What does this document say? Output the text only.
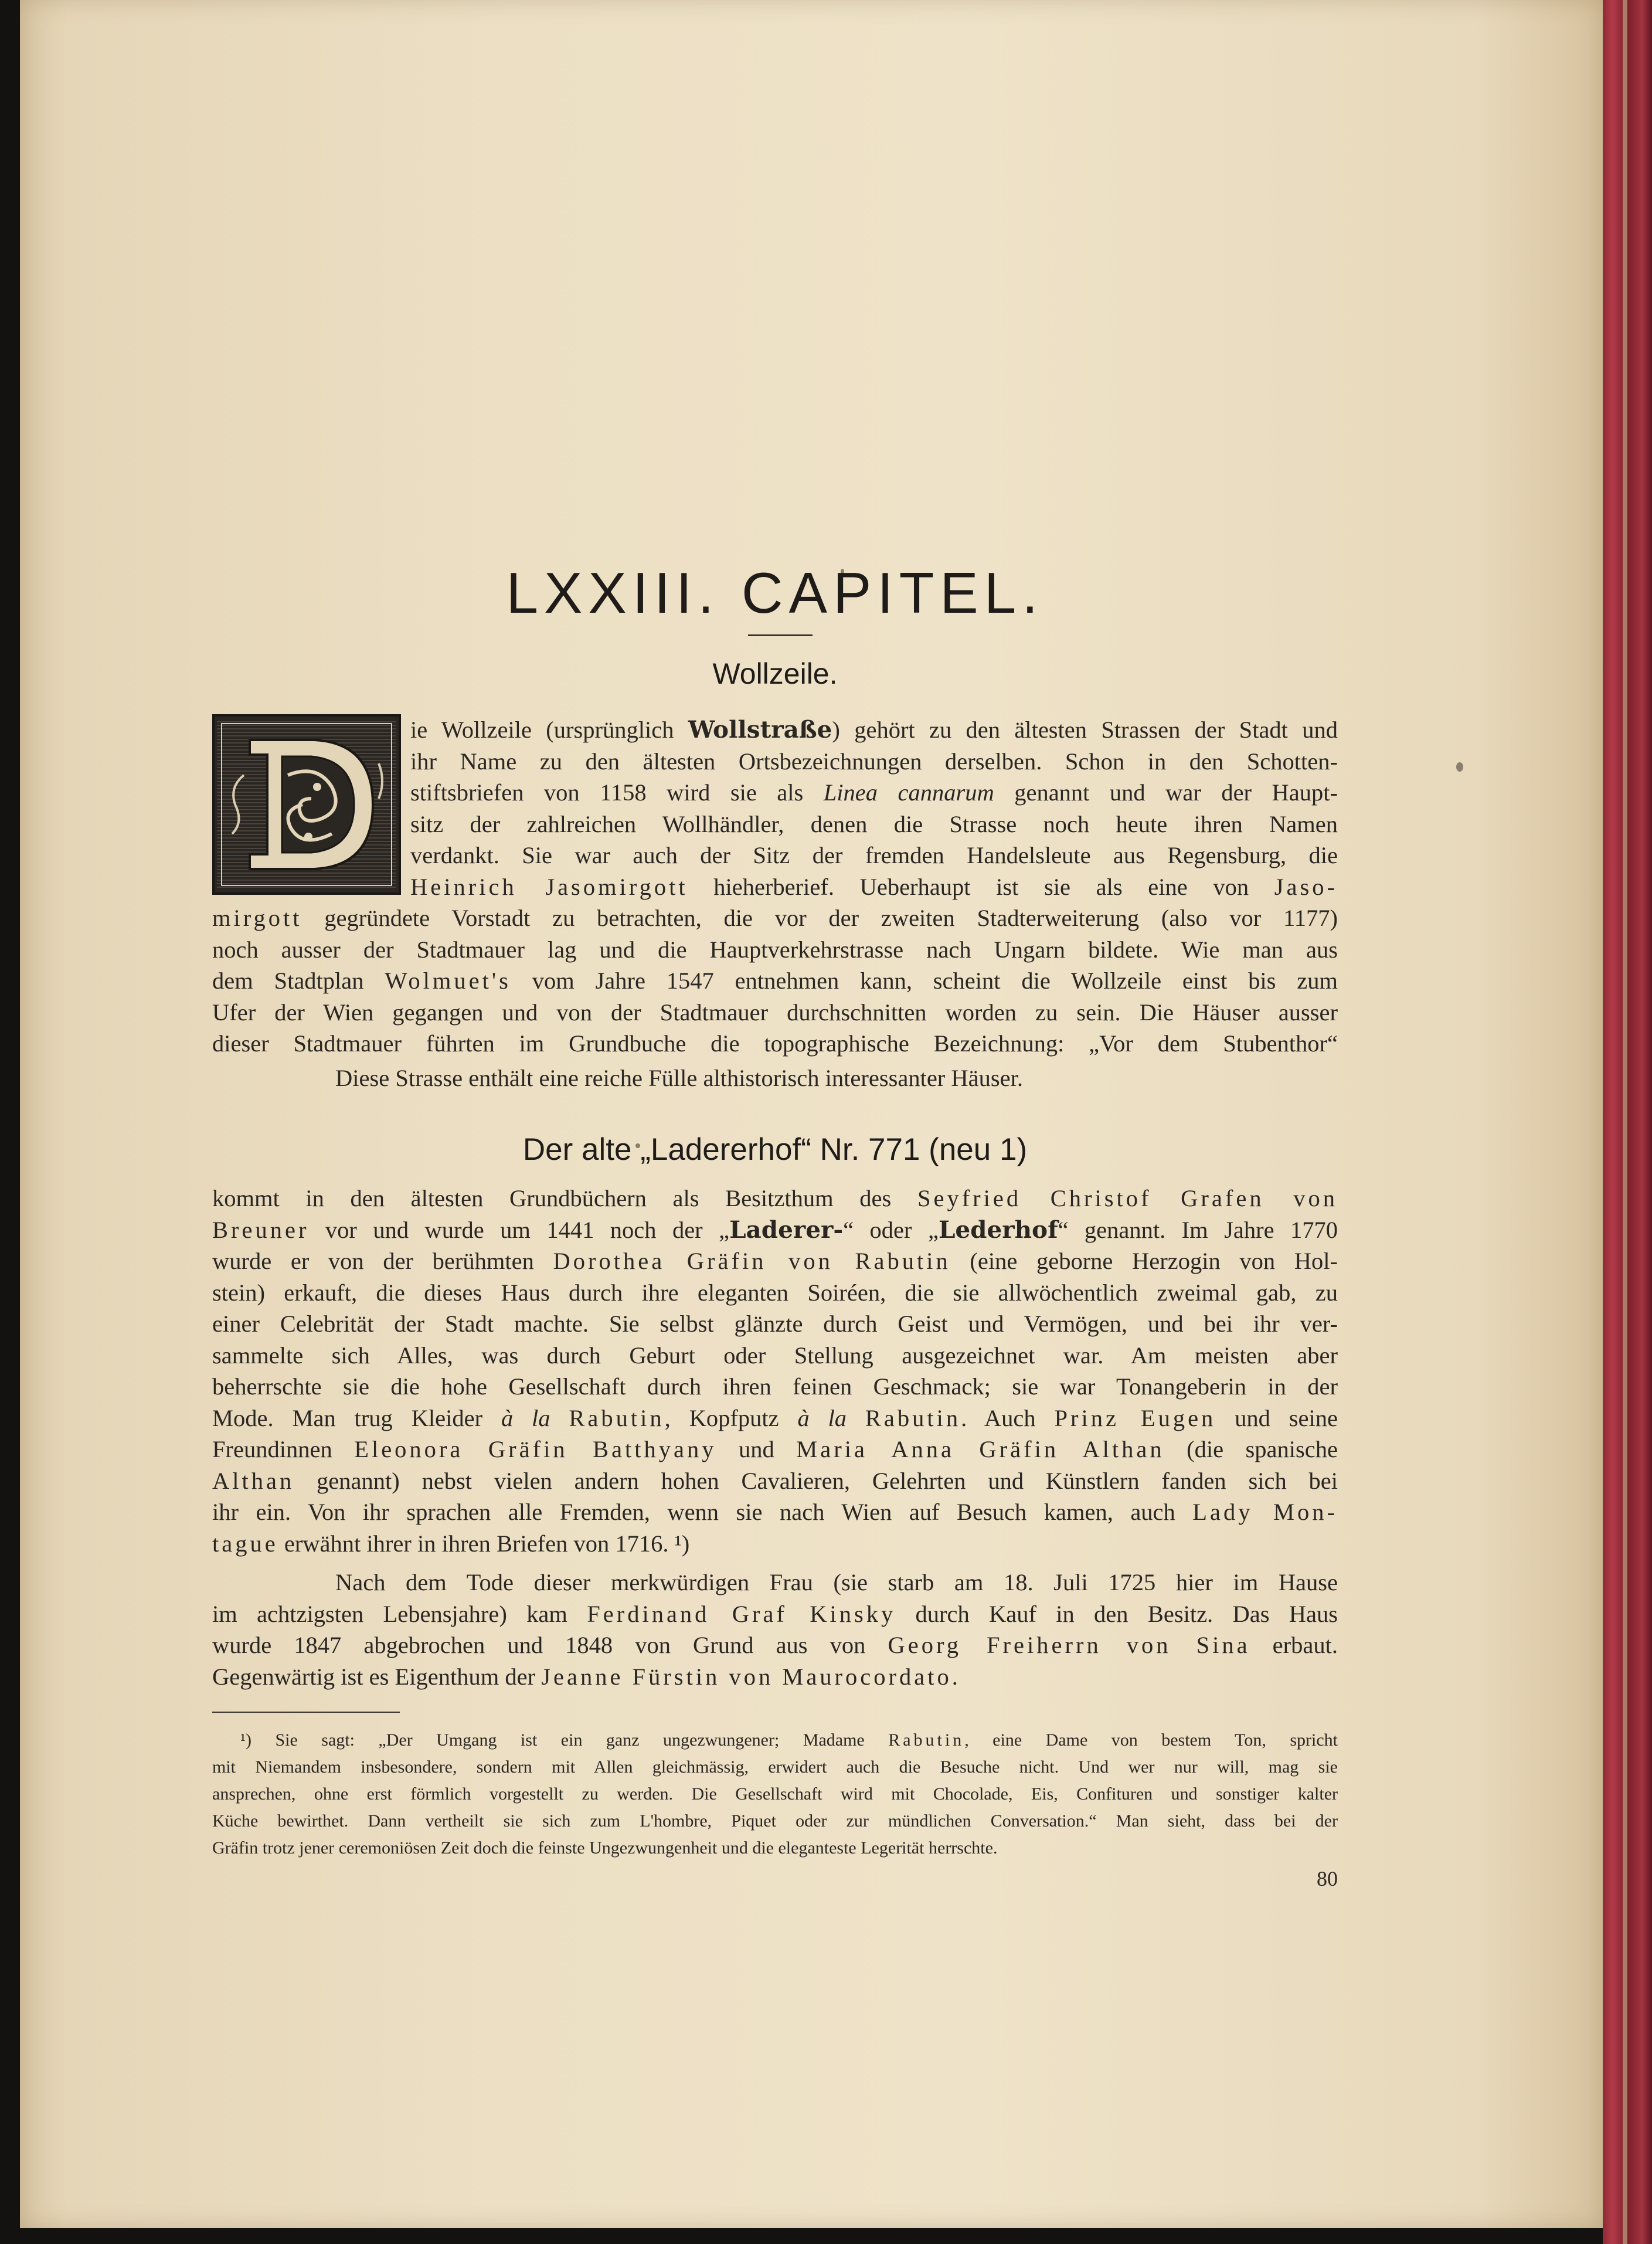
LXXIII. CAPITEL.
Wollzeile.
ie Wollzeile (ursprünglich Wollstraße) gehört zu den ältesten Strassen der Stadt und
ihr Name zu den ältesten Ortsbezeichnungen derselben. Schon in den Schotten-
stiftsbriefen von 1158 wird sie als Linea cannarum genannt und war der Haupt-
sitz der zahlreichen Wollhändler, denen die Strasse noch heute ihren Namen
verdankt. Sie war auch der Sitz der fremden Handelsleute aus Regensburg, die
Heinrich Jasomirgott hieherberief. Ueberhaupt ist sie als eine von Jaso-
mirgott gegründete Vorstadt zu betrachten, die vor der zweiten Stadterweiterung (also vor 1177)
noch ausser der Stadtmauer lag und die Hauptverkehrstrasse nach Ungarn bildete. Wie man aus
dem Stadtplan Wolmuet's vom Jahre 1547 entnehmen kann, scheint die Wollzeile einst bis zum
Ufer der Wien gegangen und von der Stadtmauer durchschnitten worden zu sein. Die Häuser ausser
dieser Stadtmauer führten im Grundbuche die topographische Bezeichnung: „Vor dem Stubenthor“
Diese Strasse enthält eine reiche Fülle althistorisch interessanter Häuser.
Der alte „Ladererhof“ Nr. 771 (neu 1)
kommt in den ältesten Grundbüchern als Besitzthum des Seyfried Christof Grafen von
Breuner vor und wurde um 1441 noch der „Laderer-“ oder „Lederhof“ genannt. Im Jahre 1770
wurde er von der berühmten Dorothea Gräfin von Rabutin (eine geborne Herzogin von Hol-
stein) erkauft, die dieses Haus durch ihre eleganten Soiréen, die sie allwöchentlich zweimal gab, zu
einer Celebrität der Stadt machte. Sie selbst glänzte durch Geist und Vermögen, und bei ihr ver-
sammelte sich Alles, was durch Geburt oder Stellung ausgezeichnet war. Am meisten aber
beherrschte sie die hohe Gesellschaft durch ihren feinen Geschmack; sie war Tonangeberin in der
Mode. Man trug Kleider à la Rabutin, Kopfputz à la Rabutin. Auch Prinz Eugen und seine
Freundinnen Eleonora Gräfin Batthyany und Maria Anna Gräfin Althan (die spanische
Althan genannt) nebst vielen andern hohen Cavalieren, Gelehrten und Künstlern fanden sich bei
ihr ein. Von ihr sprachen alle Fremden, wenn sie nach Wien auf Besuch kamen, auch Lady Mon-
tague erwähnt ihrer in ihren Briefen von 1716. ¹)
Nach dem Tode dieser merkwürdigen Frau (sie starb am 18. Juli 1725 hier im Hause
im achtzigsten Lebensjahre) kam Ferdinand Graf Kinsky durch Kauf in den Besitz. Das Haus
wurde 1847 abgebrochen und 1848 von Grund aus von Georg Freiherrn von Sina erbaut.
Gegenwärtig ist es Eigenthum der Jeanne Fürstin von Maurocordato.
¹) Sie sagt: „Der Umgang ist ein ganz ungezwungener; Madame Rabutin, eine Dame von bestem Ton, spricht
mit Niemandem insbesondere, sondern mit Allen gleichmässig, erwidert auch die Besuche nicht. Und wer nur will, mag sie
ansprechen, ohne erst förmlich vorgestellt zu werden. Die Gesellschaft wird mit Chocolade, Eis, Confituren und sonstiger kalter
Küche bewirthet. Dann vertheilt sie sich zum L'hombre, Piquet oder zur mündlichen Conversation.“ Man sieht, dass bei der
Gräfin trotz jener ceremoniösen Zeit doch die feinste Ungezwungenheit und die eleganteste Legerität herrschte.
80
